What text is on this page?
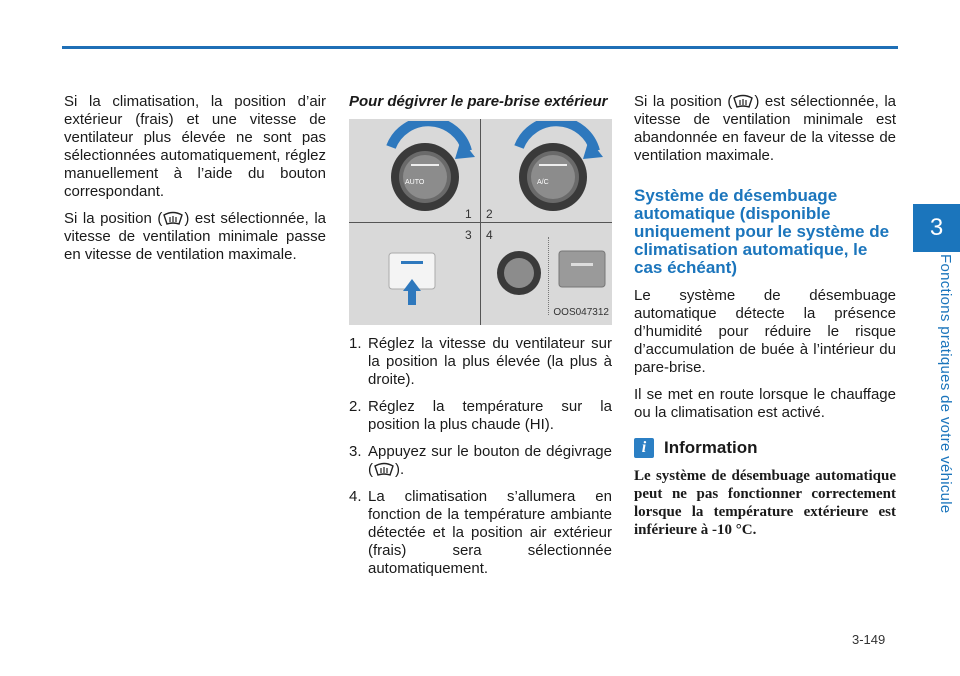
3
Fonctions pratiques de votre véhicule

Si la climatisation, la position d’air extérieur (frais) et une vitesse de ventilateur plus élevée ne sont pas sélectionnées automatiquement, réglez manuellement à l’aide du bouton correspondant.

Si la position ( ) est sélectionnée, la vitesse de ventilation minimale passe en vitesse de ventilation maximale.

Pour dégivrer le pare-brise extérieur
AUTO	A/C
1 2
3 4
OOS047312
1. Réglez la vitesse du ventilateur sur la position la plus élevée (la plus à droite).
2. Réglez la température sur la position la plus chaude (HI).
3. Appuyez sur le bouton de dégivrage ( ).
4. La climatisation s’allumera en fonction de la température ambiante détectée et la position air extérieur (frais) sera sélectionnée automatiquement.

Si la position ( ) est sélectionnée, la vitesse de ventilation minimale est abandonnée en faveur de la vitesse de ventilation maximale.

Système de désembuage automatique (disponible uniquement pour le système de climatisation automatique, le cas échéant)

Le système de désembuage automatique détecte la présence d’humidité pour réduire le risque d’accumulation de buée à l’intérieur du pare-brise.

Il se met en route lorsque le chauffage ou la climatisation est activé.

i	Information

Le système de désembuage automatique peut ne pas fonctionner correctement lorsque la température extérieure est inférieure à -10 °C.

3-149
